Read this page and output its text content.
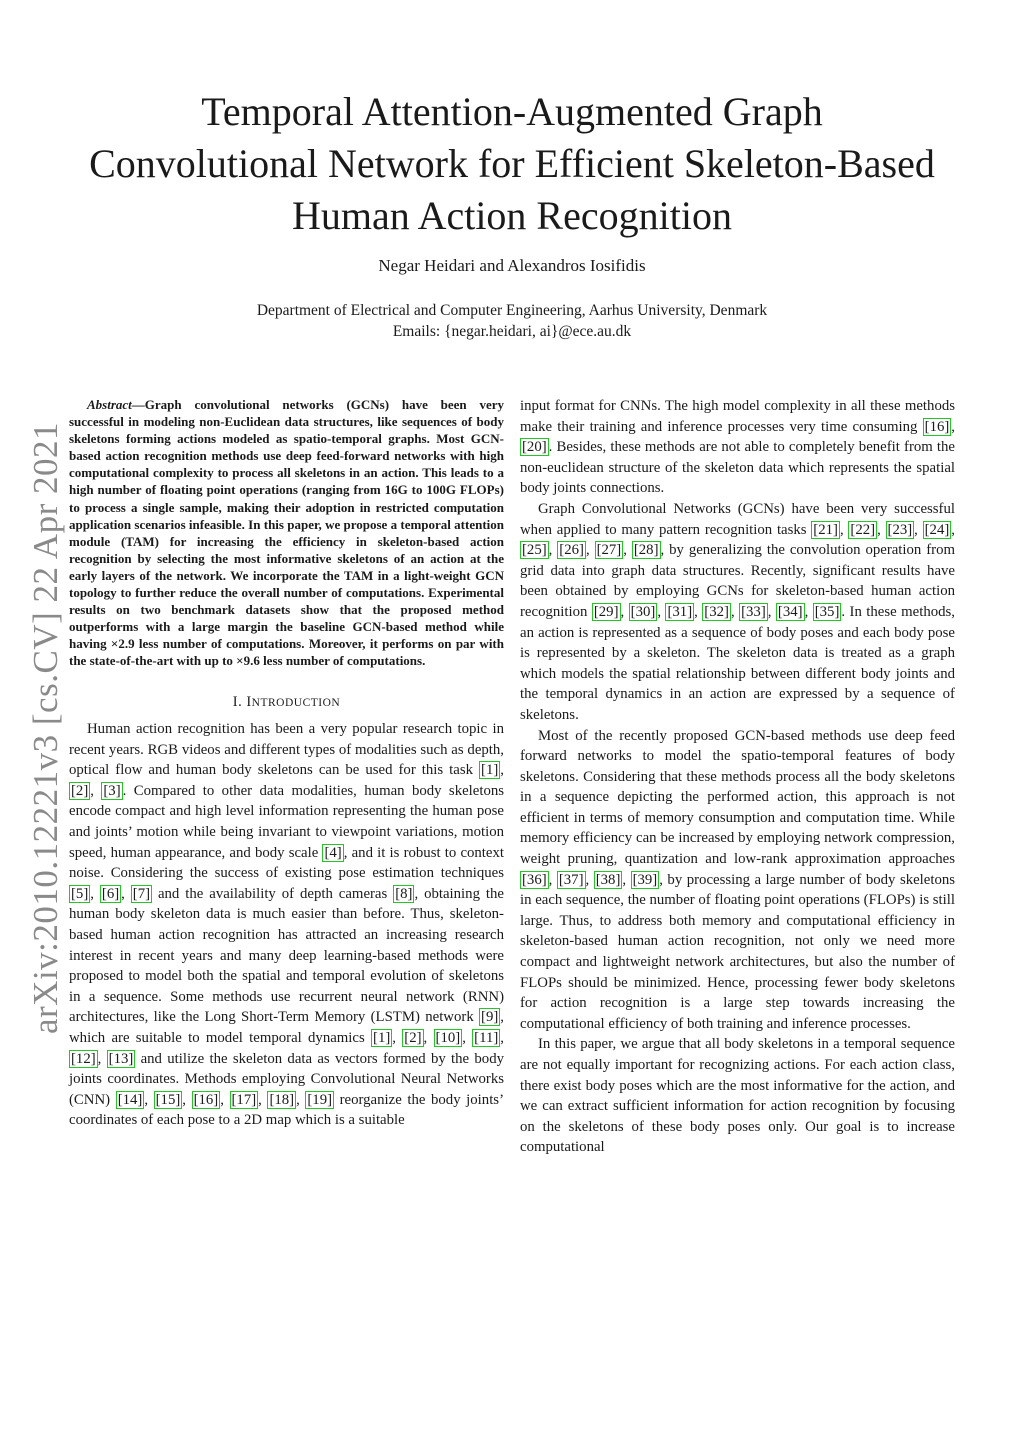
Temporal Attention-Augmented Graph
Convolutional Network for Efficient Skeleton-Based
Human Action Recognition
Negar Heidari and Alexandros Iosifidis
Department of Electrical and Computer Engineering, Aarhus University, Denmark
Emails: {negar.heidari, ai}@ece.au.dk
arXiv:2010.12221v3 [cs.CV] 22 Apr 2021

Abstract—Graph convolutional networks (GCNs) have been very successful in modeling non-Euclidean data structures, like sequences of body skeletons forming actions modeled as spatio-temporal graphs. Most GCN-based action recognition methods use deep feed-forward networks with high computational complexity to process all skeletons in an action. This leads to a high number of floating point operations (ranging from 16G to 100G FLOPs) to process a single sample, making their adoption in restricted computation application scenarios infeasible. In this paper, we propose a temporal attention module (TAM) for increasing the efficiency in skeleton-based action recognition by selecting the most informative skeletons of an action at the early layers of the network. We incorporate the TAM in a light-weight GCN topology to further reduce the overall number of computations. Experimental results on two benchmark datasets show that the proposed method outperforms with a large margin the baseline GCN-based method while having ×2.9 less number of computations. Moreover, it performs on par with the state-of-the-art with up to ×9.6 less number of computations.

I. INTRODUCTION

Human action recognition has been a very popular research topic in recent years. RGB videos and different types of modalities such as depth, optical flow and human body skeletons can be used for this task [1] , [2] , [3] . Compared to other data modalities, human body skeletons encode compact and high level information representing the human pose and joints’ motion while being invariant to viewpoint variations, motion speed, human appearance, and body scale [4] , and it is robust to context noise. Considering the success of existing pose estimation techniques [5] , [6] , [7] and the availability of depth cameras [8] , obtaining the human body skeleton data is much easier than before. Thus, skeleton-based human action recognition has attracted an increasing research interest in recent years and many deep learning-based methods were proposed to model both the spatial and temporal evolution of skeletons in a sequence. Some methods use recurrent neural network (RNN) architectures, like the Long Short-Term Memory (LSTM) network [9] , which are suitable to model temporal dynamics [1] , [2] , [10] , [11] , [12] , [13] and utilize the skeleton data as vectors formed by the body joints coordinates. Methods employing Convolutional Neural Networks (CNN) [14] , [15] , [16] , [17] , [18] , [19] reorganize the body joints’ coordinates of each pose to a 2D map which is a suitable

input format for CNNs. The high model complexity in all these methods make their training and inference processes very time consuming [16] , [20] . Besides, these methods are not able to completely benefit from the non-euclidean structure of the skeleton data which represents the spatial body joints connections.

Graph Convolutional Networks (GCNs) have been very successful when applied to many pattern recognition tasks [21] , [22] , [23] , [24] , [25] , [26] , [27] , [28] , by generalizing the convolution operation from grid data into graph data structures. Recently, significant results have been obtained by employing GCNs for skeleton-based human action recognition [29] , [30] , [31] , [32] , [33] , [34] , [35] . In these methods, an action is represented as a sequence of body poses and each body pose is represented by a skeleton. The skeleton data is treated as a graph which models the spatial relationship between different body joints and the temporal dynamics in an action are expressed by a sequence of skeletons.

Most of the recently proposed GCN-based methods use deep feed forward networks to model the spatio-temporal features of body skeletons. Considering that these methods process all the body skeletons in a sequence depicting the performed action, this approach is not efficient in terms of memory consumption and computation time. While memory efficiency can be increased by employing network compression, weight pruning, quantization and low-rank approximation approaches [36] , [37] , [38] , [39] , by processing a large number of body skeletons in each sequence, the number of floating point operations (FLOPs) is still large. Thus, to address both memory and computational efficiency in skeleton-based human action recognition, not only we need more compact and lightweight network architectures, but also the number of FLOPs should be minimized. Hence, processing fewer body skeletons for action recognition is a large step towards increasing the computational efficiency of both training and inference processes.

In this paper, we argue that all body skeletons in a temporal sequence are not equally important for recognizing actions. For each action class, there exist body poses which are the most informative for the action, and we can extract sufficient information for action recognition by focusing on the skeletons of these body poses only. Our goal is to increase computational
